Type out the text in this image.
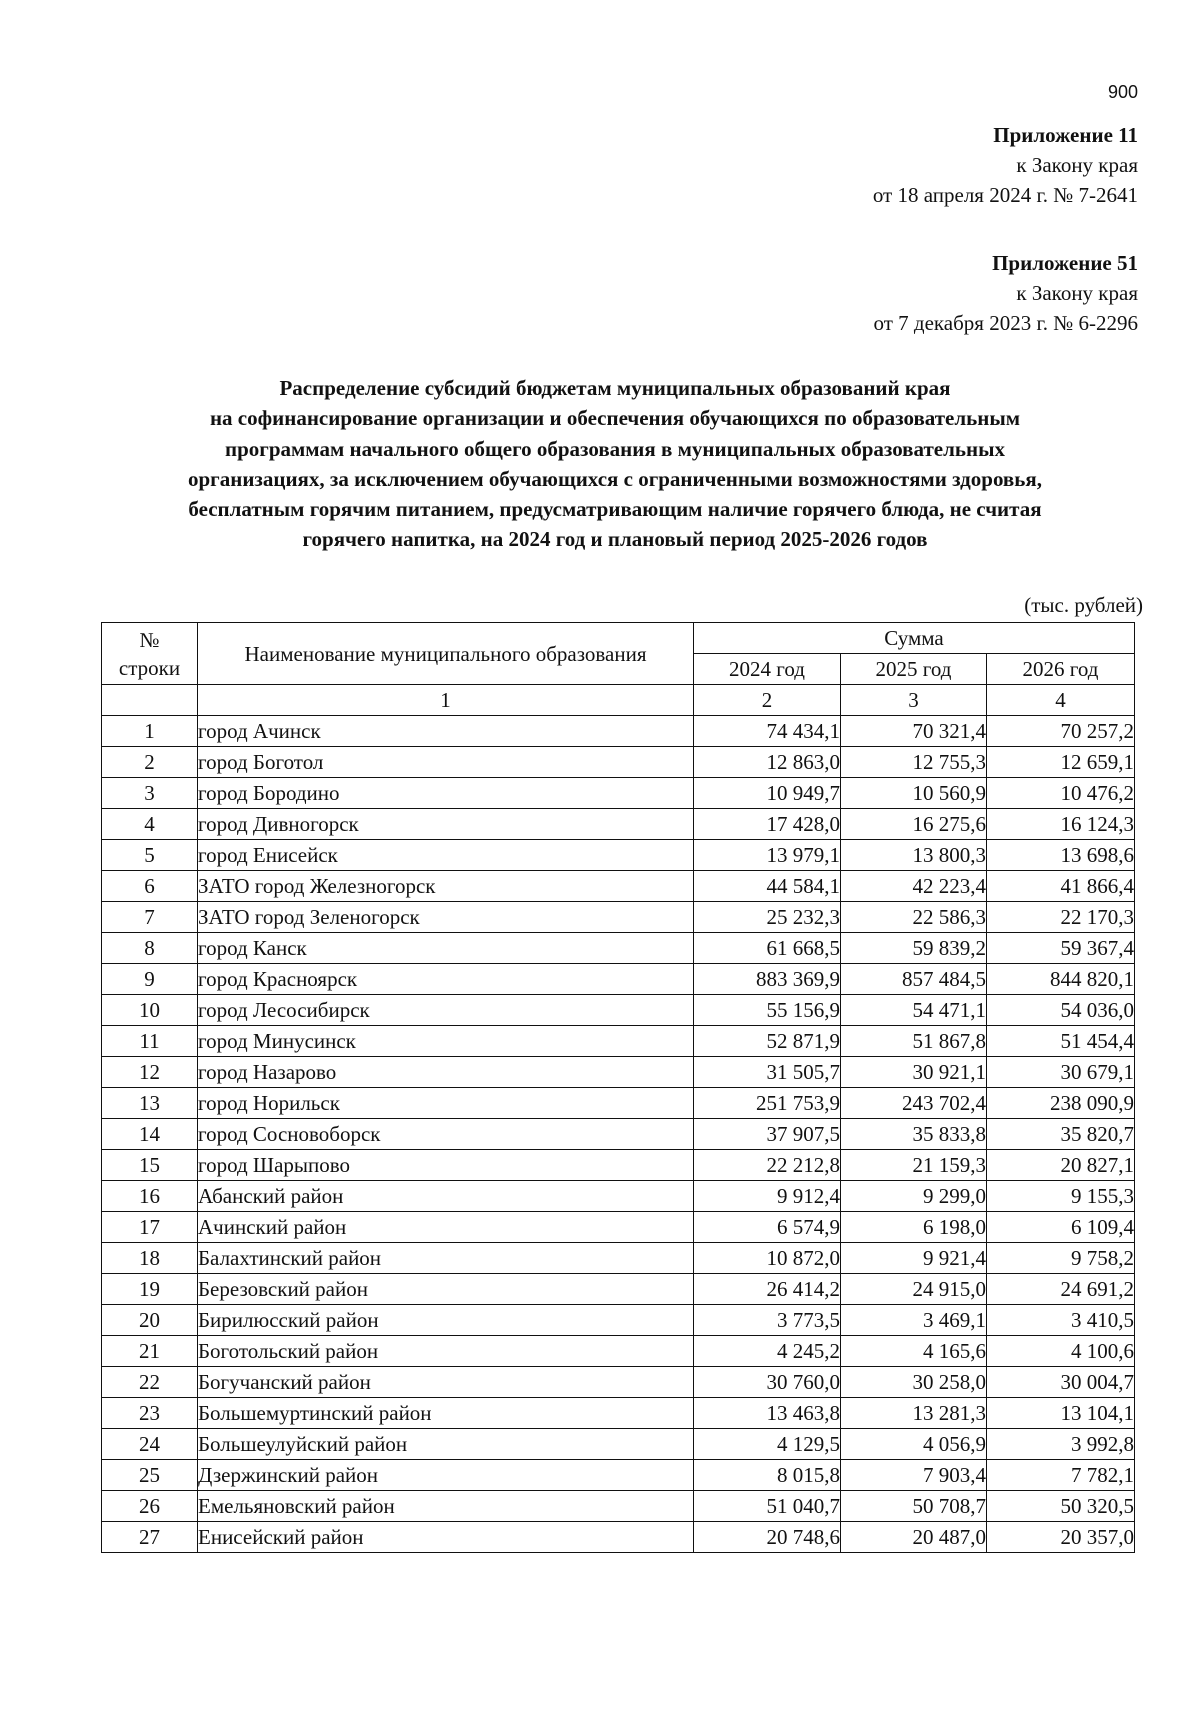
900
Приложение 11
к Закону края
от 18 апреля 2024 г. № 7-2641
Приложение 51
к Закону края
от 7 декабря 2023 г. № 6-2296
Распределение субсидий бюджетам муниципальных образований края
на софинансирование организации и обеспечения обучающихся по образовательным
программам начального общего образования в муниципальных образовательных
организациях, за исключением обучающихся с ограниченными возможностями здоровья,
бесплатным горячим питанием, предусматривающим наличие горячего блюда, не считая
горячего напитка, на 2024 год и плановый период 2025-2026 годов
(тыс. рублей)
№
строки	Наименование муниципального образования	Сумма		
		2024 год	2025 год	2026 год
	1	2	3	4
1	город Ачинск	74 434,1	70 321,4	70 257,2
2	город Боготол	12 863,0	12 755,3	12 659,1
3	город Бородино	10 949,7	10 560,9	10 476,2
4	город Дивногорск	17 428,0	16 275,6	16 124,3
5	город Енисейск	13 979,1	13 800,3	13 698,6
6	ЗАТО город Железногорск	44 584,1	42 223,4	41 866,4
7	ЗАТО город Зеленогорск	25 232,3	22 586,3	22 170,3
8	город Канск	61 668,5	59 839,2	59 367,4
9	город Красноярск	883 369,9	857 484,5	844 820,1
10	город Лесосибирск	55 156,9	54 471,1	54 036,0
11	город Минусинск	52 871,9	51 867,8	51 454,4
12	город Назарово	31 505,7	30 921,1	30 679,1
13	город Норильск	251 753,9	243 702,4	238 090,9
14	город Сосновоборск	37 907,5	35 833,8	35 820,7
15	город Шарыпово	22 212,8	21 159,3	20 827,1
16	Абанский район	9 912,4	9 299,0	9 155,3
17	Ачинский район	6 574,9	6 198,0	6 109,4
18	Балахтинский район	10 872,0	9 921,4	9 758,2
19	Березовский район	26 414,2	24 915,0	24 691,2
20	Бирилюсский район	3 773,5	3 469,1	3 410,5
21	Боготольский район	4 245,2	4 165,6	4 100,6
22	Богучанский район	30 760,0	30 258,0	30 004,7
23	Большемуртинский район	13 463,8	13 281,3	13 104,1
24	Большеулуйский район	4 129,5	4 056,9	3 992,8
25	Дзержинский район	8 015,8	7 903,4	7 782,1
26	Емельяновский район	51 040,7	50 708,7	50 320,5
27	Енисейский район	20 748,6	20 487,0	20 357,0
